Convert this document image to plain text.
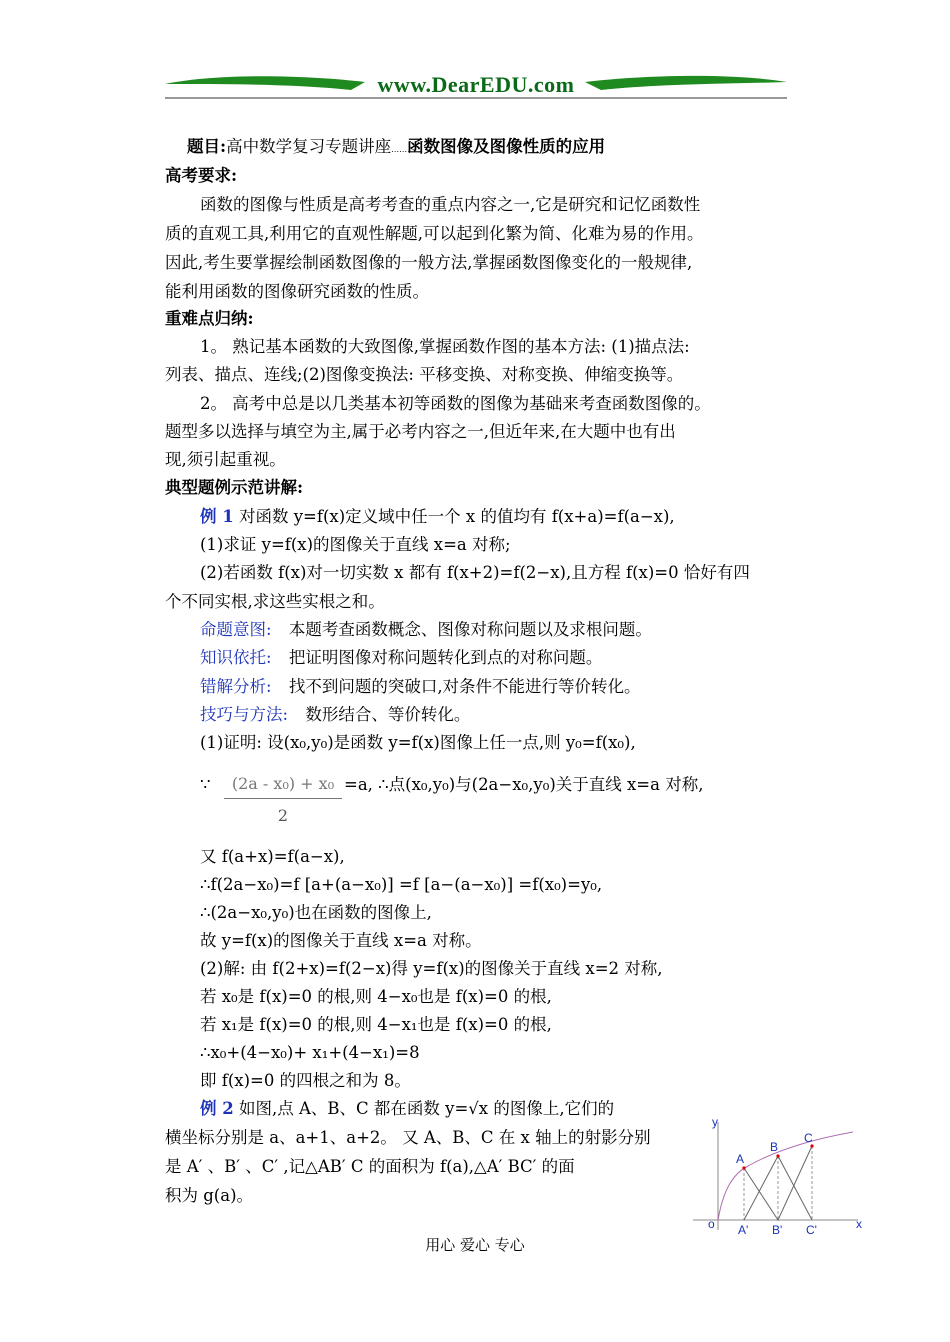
www.DearEDU.com
题目:高中数学复习专题讲座……函数图像及图像性质的应用
高考要求:
函数的图像与性质是高考考查的重点内容之一,它是研究和记忆函数性
质的直观工具,利用它的直观性解题,可以起到化繁为简、化难为易的作用。
因此,考生要掌握绘制函数图像的一般方法,掌握函数图像变化的一般规律,
能利用函数的图像研究函数的性质。
重难点归纳:
1。 熟记基本函数的大致图像,掌握函数作图的基本方法: (1)描点法:
列表、描点、连线;(2)图像变换法: 平移变换、对称变换、伸缩变换等。
2。 高考中总是以几类基本初等函数的图像为基础来考查函数图像的。
题型多以选择与填空为主,属于必考内容之一,但近年来,在大题中也有出
现,须引起重视。
典型题例示范讲解:
例 1 对函数 y=f(x)定义域中任一个 x 的值均有 f(x+a)=f(a−x),
(1)求证 y=f(x)的图像关于直线 x=a 对称;
(2)若函数 f(x)对一切实数 x 都有 f(x+2)=f(2−x),且方程 f(x)=0 恰好有四
个不同实根,求这些实根之和。
命题意图: 本题考查函数概念、图像对称问题以及求根问题。
知识依托: 把证明图像对称问题转化到点的对称问题。
错解分析: 找不到问题的突破口,对条件不能进行等价转化。
技巧与方法: 数形结合、等价转化。
(1)证明: 设(x₀,y₀)是函数 y=f(x)图像上任一点,则 y₀=f(x₀),
∵	(2a - x₀) + x₀
2
=a, ∴点(x₀,y₀)与(2a−x₀,y₀)关于直线 x=a 对称,
又 f(a+x)=f(a−x),
∴f(2a−x₀)=f [a+(a−x₀)] =f [a−(a−x₀)] =f(x₀)=y₀,
∴(2a−x₀,y₀)也在函数的图像上,
故 y=f(x)的图像关于直线 x=a 对称。
(2)解: 由 f(2+x)=f(2−x)得 y=f(x)的图像关于直线 x=2 对称,
若 x₀是 f(x)=0 的根,则 4−x₀也是 f(x)=0 的根,
若 x₁是 f(x)=0 的根,则 4−x₁也是 f(x)=0 的根,
∴x₀+(4−x₀)+ x₁+(4−x₁)=8
即 f(x)=0 的四根之和为 8。
例 2 如图,点 A、B、C 都在函数 y=√x 的图像上,它们的
横坐标分别是 a、a+1、a+2。 又 A、B、C 在 x 轴上的射影分别
是 A′ 、B′ 、C′ ,记△AB′ C 的面积为 f(a),△A′ BC′ 的面
积为 g(a)。
y
x
o
A
B
C
A' B' C'
用心 爱心 专心
